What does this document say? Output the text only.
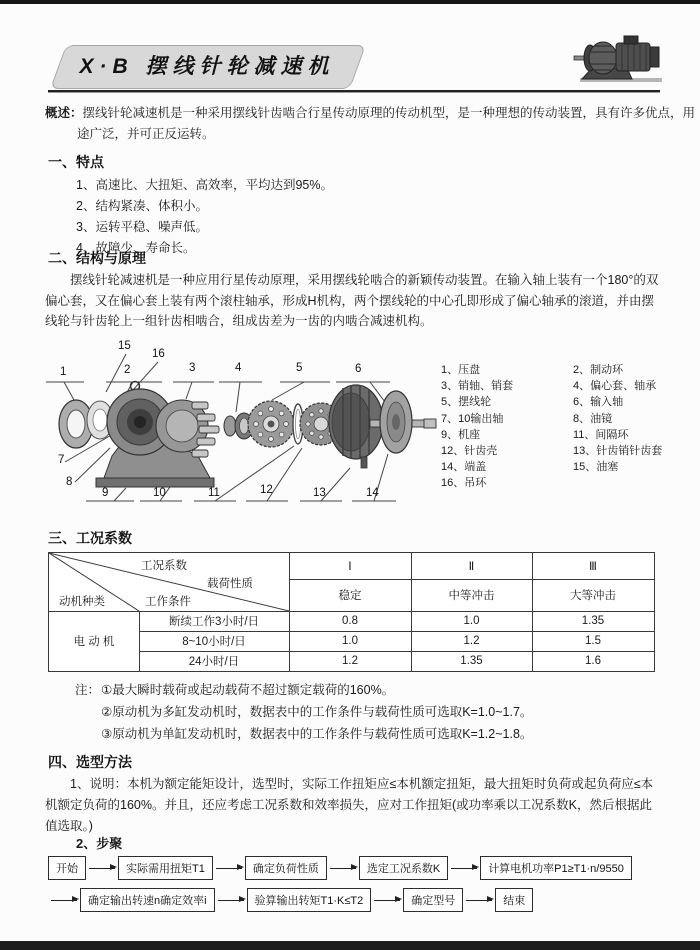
X·B 摆线针轮减速机
概述：摆线针轮减速机是一种采用摆线针齿啮合行星传动原理的传动机型，是一种理想的传动装置，具有许多优点，用途广泛，并可正反运转。
一、特点
1、高速比、大扭矩、高效率，平均达到95%。
2、结构紧凑、体积小。
3、运转平稳、噪声低。
4、故障少、寿命长。
二、结构与原理
摆线针轮减速机是一种应用行星传动原理，采用摆线轮啮合的新颖传动装置。在输入轴上装有一个180°的双偏心套，又在偏心套上装有两个滚柱轴承，形成H机构，两个摆线轮的中心孔即形成了偏心轴承的滚道，并由摆线轮与针齿轮上一组针齿相啮合，组成齿差为一齿的内啮合减速机构。
1
15
16
2	3	4	5	6
7
8
9	10	11	12	13	14
1、压盘	2、制动环
3、销轴、销套	4、偏心套、轴承
5、摆线轮	6、输入轴
7、10输出轴	8、油镜
9、机座	11、间隔环
12、针齿壳	13、针齿销针齿套
14、端盖	15、油塞
16、吊环
三、工况系数
工况系数
载荷性质
工作条件
动机种类
Ⅰ	Ⅱ	Ⅲ
稳定	中等冲击	大等冲击
电 动 机
断续工作3小时/日	0.8	1.0	1.35
8~10小时/日	1.0	1.2	1.5
24小时/日	1.2	1.35	1.6
注： ①最大瞬时载荷或起动载荷不超过额定载荷的160%。
②原动机为多缸发动机时，数据表中的工作条件与载荷性质可选取K=1.0~1.7。
③原动机为单缸发动机时，数据表中的工作条件与载荷性质可选取K=1.2~1.8。
四、选型方法
1、说明：本机为额定能矩设计，选型时，实际工作扭矩应≤本机额定扭矩，最大扭矩时负荷或起负荷应≤本机额定负荷的160%。并且，还应考虑工况系数和效率损失，应对工作扭矩(或功率乘以工况系数K，然后根据此值选取。)
2、步聚
开始	实际需用扭矩T1	确定负荷性质	选定工况系数K	计算电机功率P1≥T1·n/9550
确定输出转速n确定效率i	验算输出转矩T1·K≤T2	确定型号	结束
